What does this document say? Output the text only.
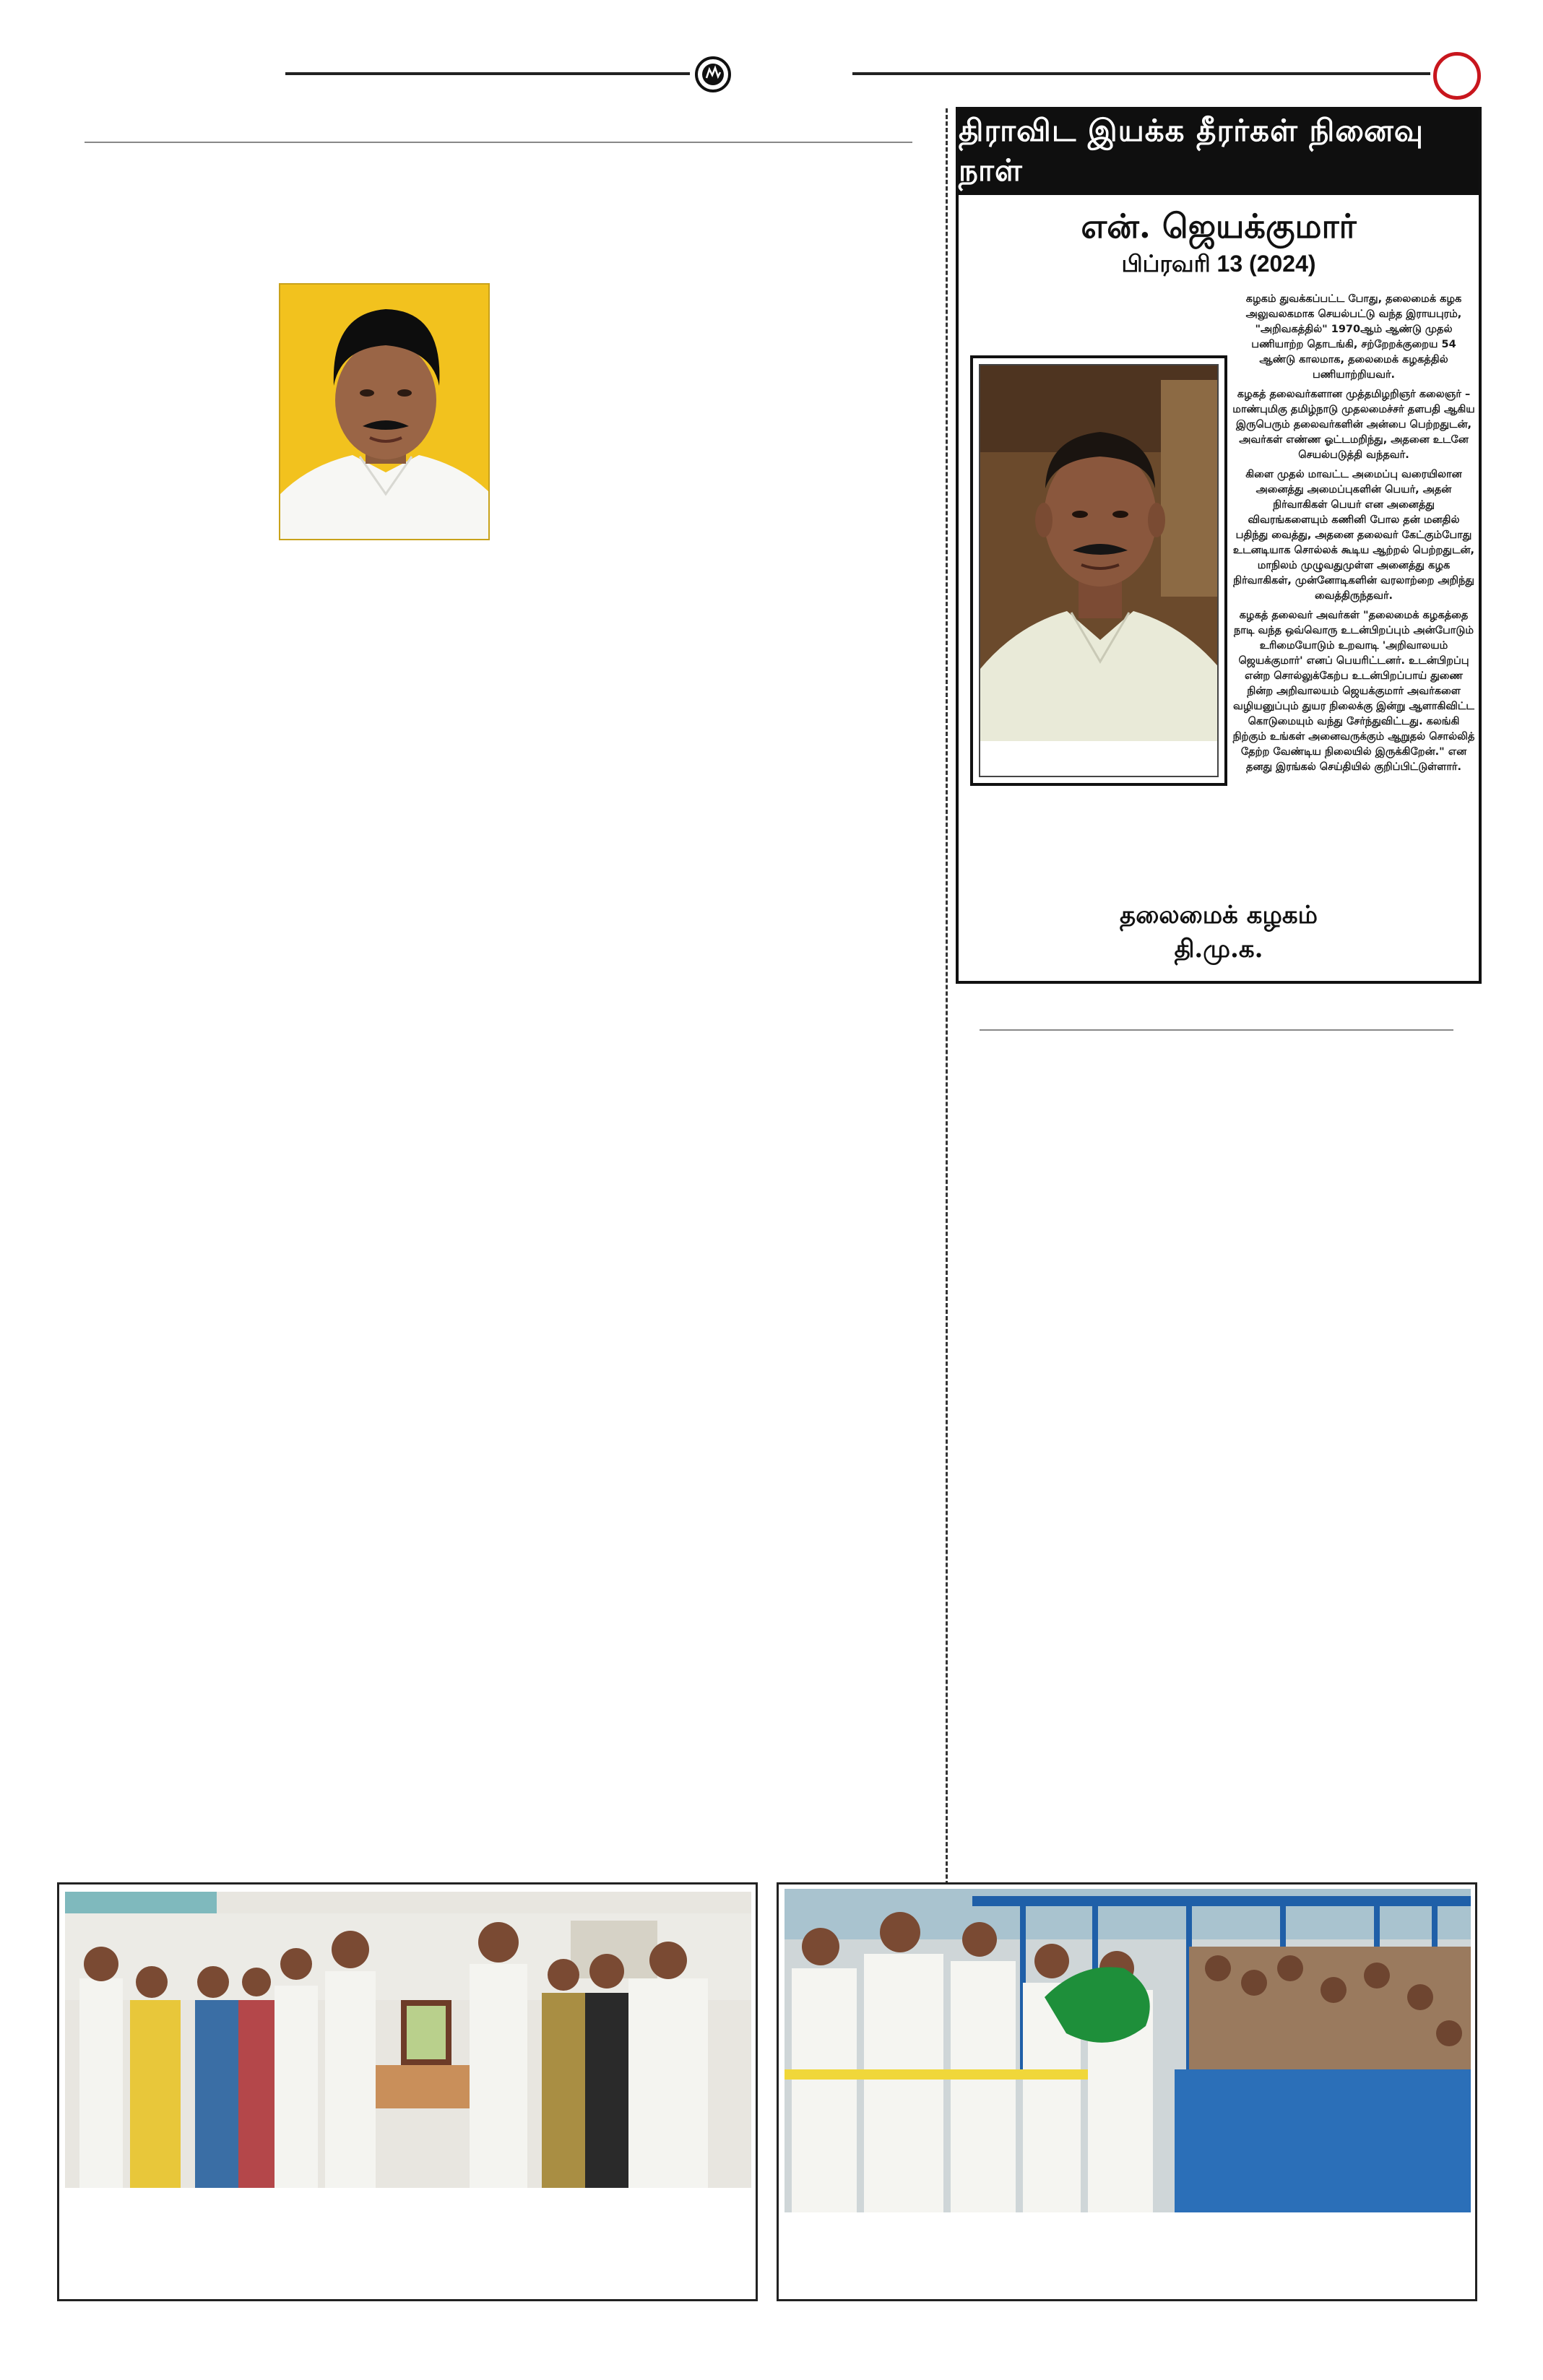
திராவிட இயக்க தீரர்கள் நினைவு நாள்
என். ஜெயக்குமார்
பிப்ரவரி 13 (2024)

கழகம் துவக்கப்பட்ட போது, தலைமைக் கழக அலுவலகமாக செயல்பட்டு வந்த இராயபுரம், "அறிவகத்தில்" 1970ஆம் ஆண்டு முதல் பணியாற்ற தொடங்கி, சற்றேறக்குறைய 54 ஆண்டு காலமாக, தலைமைக் கழகத்தில் பணியாற்றியவர்.

கழகத் தலைவர்களான முத்தமிழறிஞர் கலைஞர் – மாண்புமிகு தமிழ்நாடு முதலமைச்சர் தளபதி ஆகிய இருபெரும் தலைவர்களின் அன்பை பெற்றதுடன், அவர்கள் எண்ண ஓட்டமறிந்து, அதனை உடனே செயல்படுத்தி வந்தவர்.

கிளை முதல் மாவட்ட அமைப்பு வரையிலான அனைத்து அமைப்புகளின் பெயர், அதன் நிர்வாகிகள் பெயர் என அனைத்து விவரங்களையும் கணினி போல தன் மனதில் பதிந்து வைத்து, அதனை தலைவர் கேட்கும்போது உடனடியாக சொல்லக் கூடிய ஆற்றல் பெற்றதுடன், மாநிலம் முழுவதுமுள்ள அனைத்து கழக நிர்வாகிகள், முன்னோடிகளின் வரலாற்றை அறிந்து வைத்திருந்தவர்.

கழகத் தலைவர் அவர்கள் "தலைமைக் கழகத்தை நாடி வந்த ஒவ்வொரு உடன்பிறப்பும் அன்போடும் உரிமையோடும் உறவாடி 'அறிவாலயம் ஜெயக்குமார்' எனப் பெயரிட்டனர். உடன்பிறப்பு என்ற சொல்லுக்கேற்ப உடன்பிறப்பாய் துணை நின்ற அறிவாலயம் ஜெயக்குமார் அவர்களை வழியனுப்பும் துயர நிலைக்கு இன்று ஆளாகிவிட்ட கொடுமையும் வந்து சேர்ந்துவிட்டது. கலங்கி நிற்கும் உங்கள் அனைவருக்கும் ஆறுதல் சொல்லித் தேற்ற வேண்டிய நிலையில் இருக்கிறேன்." என தனது இரங்கல் செய்தியில் குறிப்பிட்டுள்ளார்.

தலைமைக் கழகம்
தி.மு.க.
